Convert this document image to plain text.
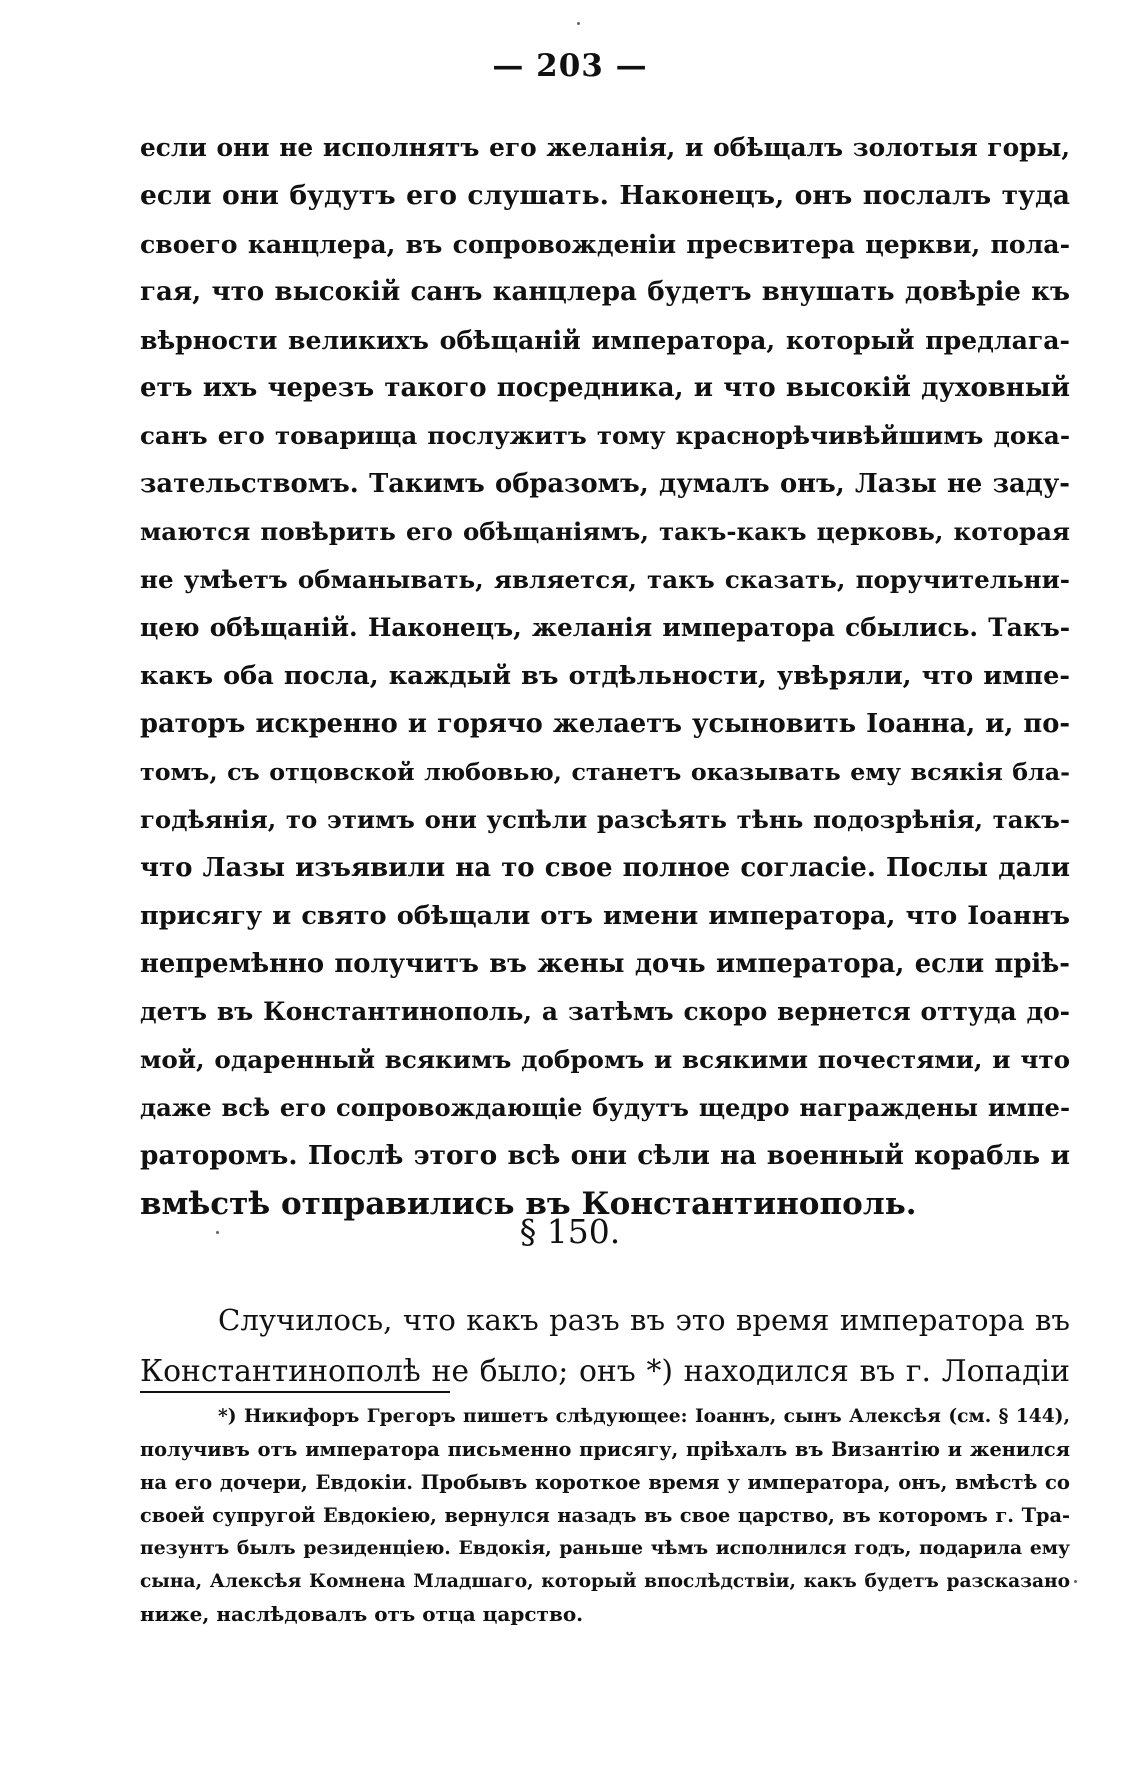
— 203 —
если они не исполнятъ его желанія, и обѣщалъ золотыя горы,
если они будутъ его слушать. Наконецъ, онъ послалъ туда
своего канцлера, въ сопровожденіи пресвитера церкви, пола-
гая, что высокій санъ канцлера будетъ внушать довѣріе къ
вѣрности великихъ обѣщаній императора, который предлага-
етъ ихъ черезъ такого посредника, и что высокій духовный
санъ его товарища послужитъ тому краснорѣчивѣйшимъ дока-
зательствомъ. Такимъ образомъ, думалъ онъ, Лазы не заду-
маются повѣрить его обѣщаніямъ, такъ-какъ церковь, которая
не умѣетъ обманывать, является, такъ сказать, поручительни-
цею обѣщаній. Наконецъ, желанія императора сбылись. Такъ-
какъ оба посла, каждый въ отдѣльности, увѣряли, что импе-
раторъ искренно и горячо желаетъ усыновить Іоанна, и, по-
томъ, съ отцовской любовью, станетъ оказывать ему всякія бла-
годѣянія, то этимъ они успѣли разсѣять тѣнь подозрѣнія, такъ-
что Лазы изъявили на то свое полное согласіе. Послы дали
присягу и свято обѣщали отъ имени императора, что Іоаннъ
непремѣнно получитъ въ жены дочь императора, если пріѣ-
детъ въ Константинополь, а затѣмъ скоро вернется оттуда до-
мой, одаренный всякимъ добромъ и всякими почестями, и что
даже всѣ его сопровождающіе будутъ щедро награждены импе-
раторомъ. Послѣ этого всѣ они сѣли на военный корабль и
вмѣстѣ отправились въ Константинополь.
§ 150.
Случилось, что какъ разъ въ это время императора въ
Константинополѣ не было; онъ *) находился въ г. Лопадіи
*) Никифоръ Грегоръ пишетъ слѣдующее: Іоаннъ, сынъ Алексѣя (см. § 144),
получивъ отъ императора письменно присягу, пріѣхалъ въ Византію и женился
на его дочери, Евдокіи. Пробывъ короткое время у императора, онъ, вмѣстѣ со
своей супругой Евдокіею, вернулся назадъ въ свое царство, въ которомъ г. Тра-
пезунтъ былъ резиденціею. Евдокія, раньше чѣмъ исполнился годъ, подарила ему
сына, Алексѣя Комнена Младшаго, который впослѣдствіи, какъ будетъ разсказано
ниже, наслѣдовалъ отъ отца царство.
